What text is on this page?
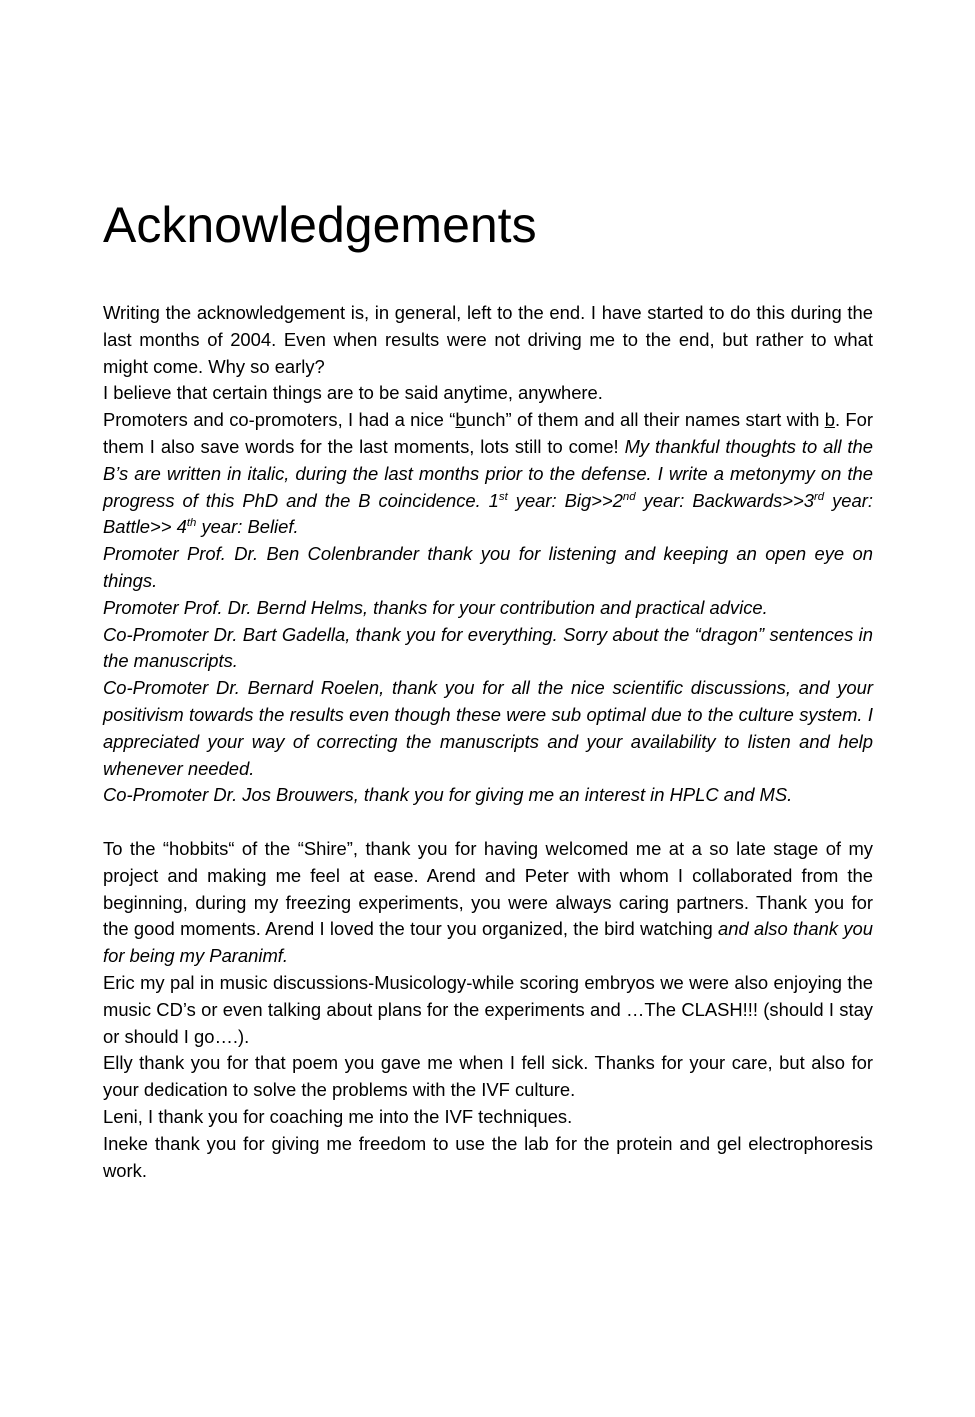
Acknowledgements

Writing the acknowledgement is, in general, left to the end. I have started to do this during the last months of 2004. Even when results were not driving me to the end, but rather to what might come. Why so early?

I believe that certain things are to be said anytime, anywhere.

Promoters and co-promoters, I had a nice “bunch” of them and all their names start with b. For them I also save words for the last moments, lots still to come! My thankful thoughts to all the B’s are written in italic, during the last months prior to the defense. I write a metonymy on the progress of this PhD and the B coincidence. 1st year: Big>>2nd year: Backwards>>3rd year: Battle>> 4th year: Belief.

Promoter Prof. Dr. Ben Colenbrander thank you for listening and keeping an open eye on things.

Promoter Prof. Dr. Bernd Helms, thanks for your contribution and practical advice.

Co-Promoter Dr. Bart Gadella, thank you for everything. Sorry about the “dragon” sentences in the manuscripts.

Co-Promoter Dr. Bernard Roelen, thank you for all the nice scientific discussions, and your positivism towards the results even though these were sub optimal due to the culture system. I appreciated your way of correcting the manuscripts and your availability to listen and help whenever needed.

Co-Promoter Dr. Jos Brouwers, thank you for giving me an interest in HPLC and MS.

To the “hobbits“ of the “Shire”, thank you for having welcomed me at a so late stage of my project and making me feel at ease. Arend and Peter with whom I collaborated from the beginning, during my freezing experiments, you were always caring partners. Thank you for the good moments. Arend I loved the tour you organized, the bird watching and also thank you for being my Paranimf.

Eric my pal in music discussions-Musicology-while scoring embryos we were also enjoying the music CD’s or even talking about plans for the experiments and …The CLASH!!! (should I stay or should I go….).

Elly thank you for that poem you gave me when I fell sick. Thanks for your care, but also for your dedication to solve the problems with the IVF culture.

Leni, I thank you for coaching me into the IVF techniques.

Ineke thank you for giving me freedom to use the lab for the protein and gel electrophoresis work.
